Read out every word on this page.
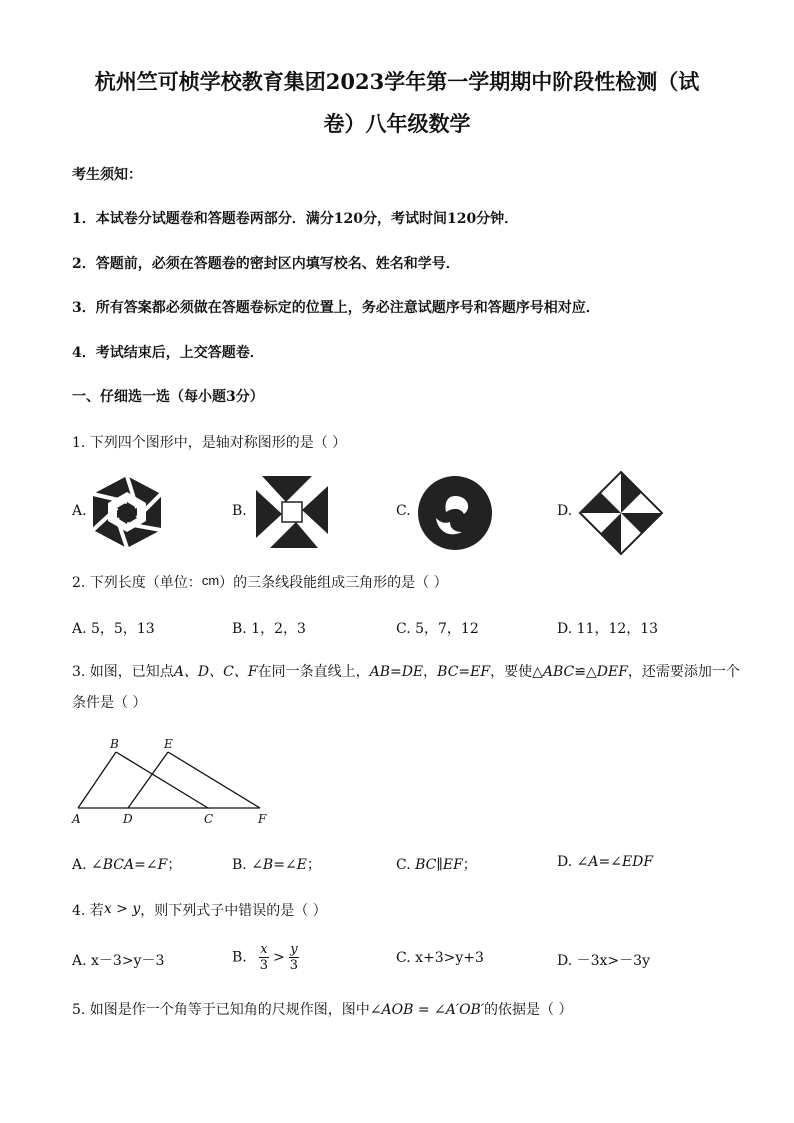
杭州竺可桢学校教育集团2023学年第一学期期中阶段性检测（试
卷）八年级数学
考生须知：
1．本试卷分试题卷和答题卷两部分．满分120分，考试时间120分钟．
2．答题前，必须在答题卷的密封区内填写校名、姓名和学号．
3．所有答案都必须做在答题卷标定的位置上，务必注意试题序号和答题序号相对应．
4．考试结束后，上交答题卷．
一、仔细选一选（每小题3分）
1. 下列四个图形中，是轴对称图形的是（ ）
A.	B.	C.	D.
2. 下列长度（单位：cm）的三条线段能组成三角形的是（ ）
A. 5，5，13	B. 1，2，3	C. 5，7，12	D. 11，12，13
3. 如图，已知点A、D、C、F在同一条直线上，AB=DE，BC=EF，要使△ABC≌△DEF，还需要添加一个
条件是（ ）
B	E
A	D	C	F
A. ∠BCA=∠F；	B. ∠B=∠E；	C. BC∥EF；	D. ∠A=∠EDF
4. 若x > y，则下列式子中错误的是（ ）
A. x－3>y－3	B. $\frac{x}{3} > \frac{y}{3}$	C. x+3>y+3	D. －3x>－3y
5. 如图是作一个角等于已知角的尺规作图，图中∠AOB = ∠A′OB′的依据是（ ）
